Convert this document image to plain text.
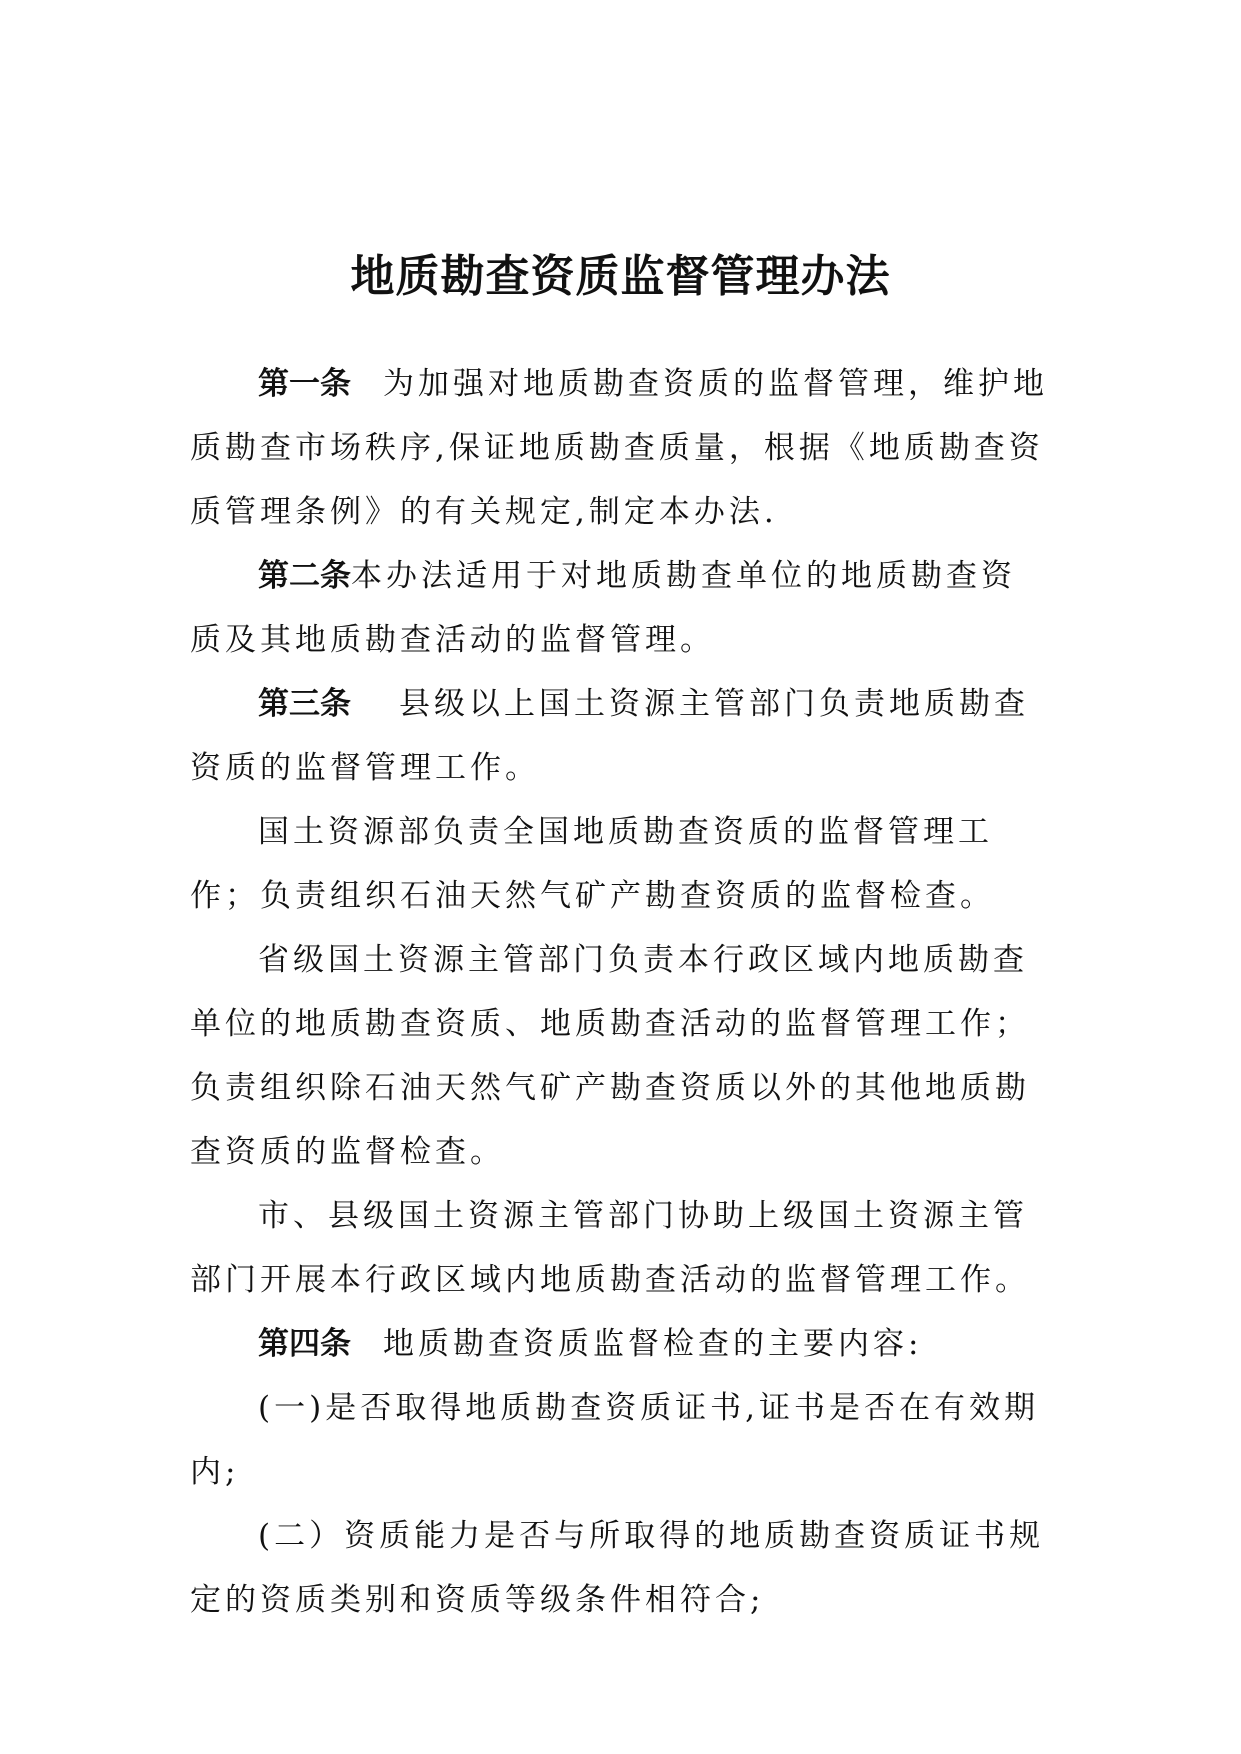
地质勘查资质监督管理办法

第一条 为加强对地质勘查资质的监督管理，维护地质勘查市场秩序,保证地质勘查质量，根据《地质勘查资质管理条例》的有关规定,制定本办法.

第二条本办法适用于对地质勘查单位的地质勘查资质及其地质勘查活动的监督管理。

第三条 县级以上国土资源主管部门负责地质勘查资质的监督管理工作。

国土资源部负责全国地质勘查资质的监督管理工作；负责组织石油天然气矿产勘查资质的监督检查。

省级国土资源主管部门负责本行政区域内地质勘查单位的地质勘查资质、地质勘查活动的监督管理工作；负责组织除石油天然气矿产勘查资质以外的其他地质勘查资质的监督检查。

市、县级国土资源主管部门协助上级国土资源主管部门开展本行政区域内地质勘查活动的监督管理工作。

第四条 地质勘查资质监督检查的主要内容:

(一)是否取得地质勘查资质证书,证书是否在有效期内;

(二）资质能力是否与所取得的地质勘查资质证书规定的资质类别和资质等级条件相符合;
